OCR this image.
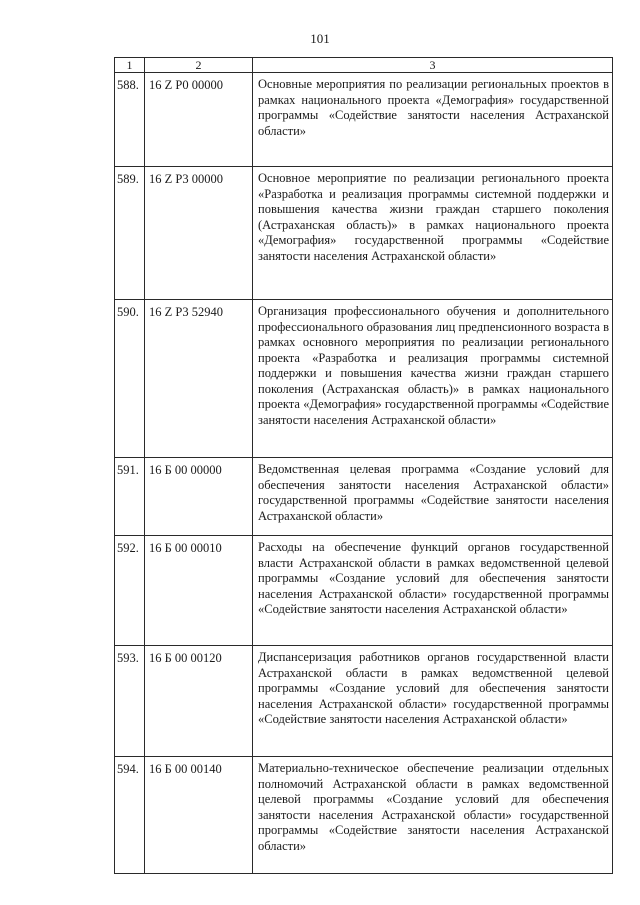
101
1	2	3
588.	16 Z P0 00000	Основные мероприятия по реализации региональных проектов в рамках национального проекта «Демография» государственной программы «Содействие занятости населения Астраханской области»
589.	16 Z P3 00000	Основное мероприятие по реализации регионального проекта «Разработка и реализация программы системной поддержки и повышения качества жизни граждан старшего поколения (Астраханская область)» в рамках национального проекта «Демография» государственной программы «Содействие занятости населения Астраханской области»
590.	16 Z P3 52940	Организация профессионального обучения и дополнительного профессионального образования лиц предпенсионного возраста в рамках основного мероприятия по реализации регионального проекта «Разработка и реализация программы системной поддержки и повышения качества жизни граждан старшего поколения (Астраханская область)» в рамках национального проекта «Демография» государственной программы «Содействие занятости населения Астраханской области»
591.	16 Б 00 00000	Ведомственная целевая программа «Создание условий для обеспечения занятости населения Астраханской области» государственной программы «Содействие занятости населения Астраханской области»
592.	16 Б 00 00010	Расходы на обеспечение функций органов государственной власти Астраханской области в рамках ведомственной целевой программы «Создание условий для обеспечения занятости населения Астраханской области» государственной программы «Содействие занятости населения Астраханской области»
593.	16 Б 00 00120	Диспансеризация работников органов государственной власти Астраханской области в рамках ведомственной целевой программы «Создание условий для обеспечения занятости населения Астраханской области» государственной программы «Содействие занятости населения Астраханской области»
594.	16 Б 00 00140	Материально-техническое обеспечение реализации отдельных полномочий Астраханской области в рамках ведомственной целевой программы «Создание условий для обеспечения занятости населения Астраханской области» государственной программы «Содействие занятости населения Астраханской области»
